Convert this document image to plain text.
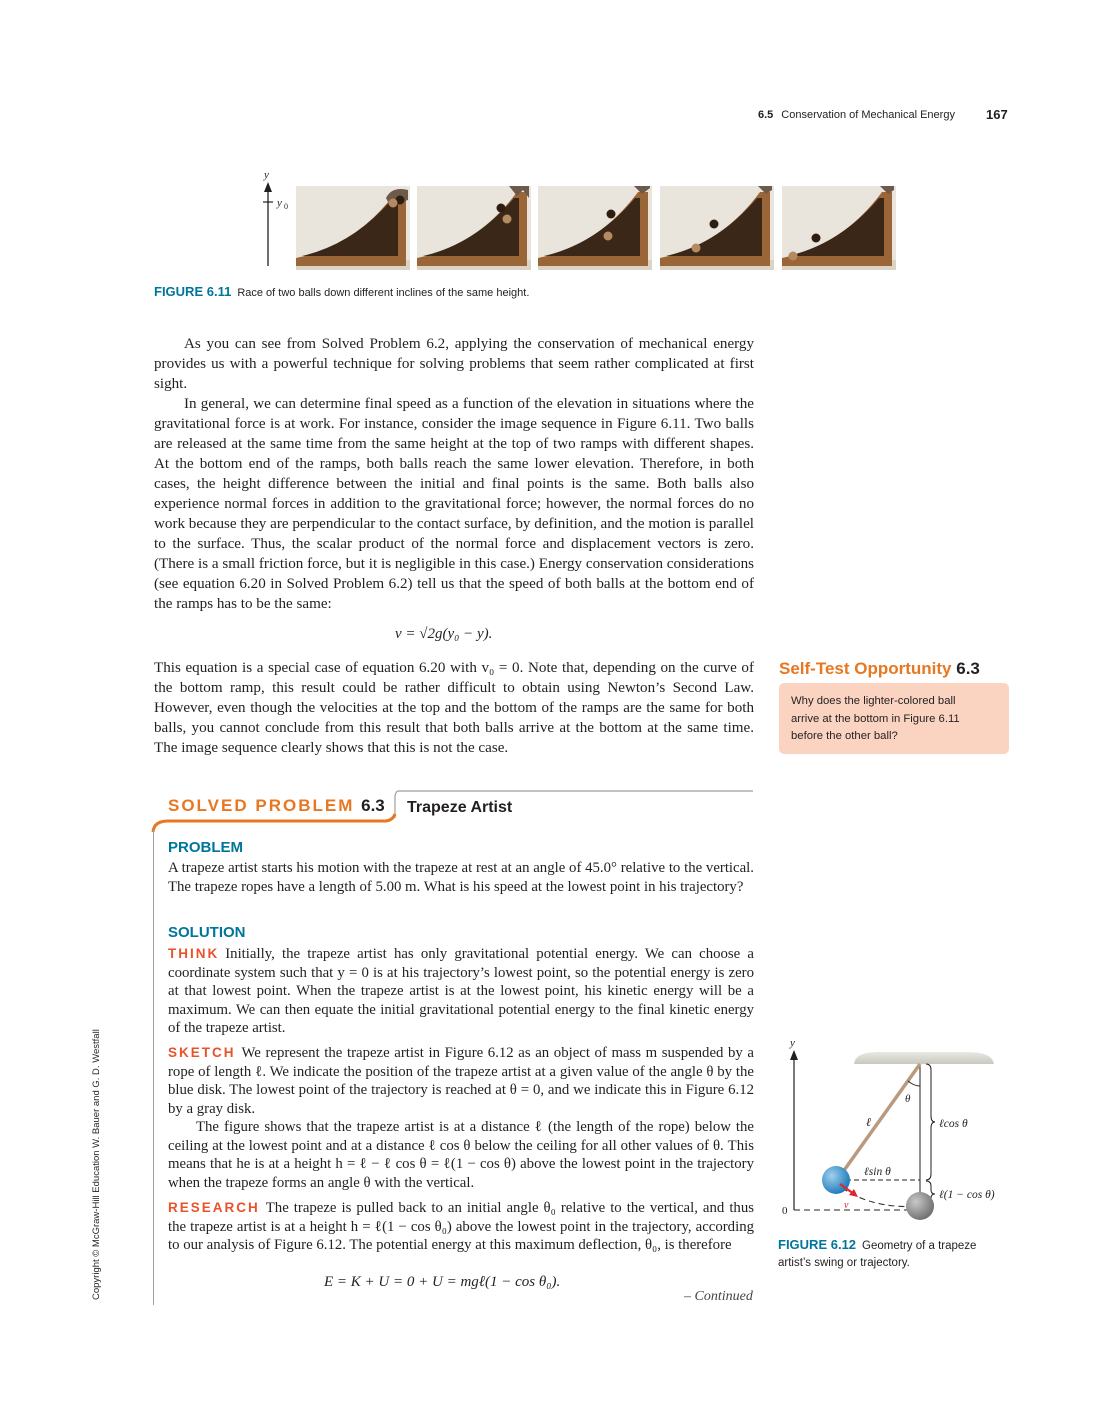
6.5 Conservation of Mechanical Energy 167
y
y 0
FIGURE 6.11 Race of two balls down different inclines of the same height.

As you can see from Solved Problem 6.2, applying the conservation of mechanical energy provides us with a powerful technique for solving problems that seem rather complicated at first sight.

In general, we can determine final speed as a function of the elevation in situations where the gravitational force is at work. For instance, consider the image sequence in Figure 6.11. Two balls are released at the same time from the same height at the top of two ramps with different shapes. At the bottom end of the ramps, both balls reach the same lower elevation. Therefore, in both cases, the height difference between the initial and final points is the same. Both balls also experience normal forces in addition to the gravitational force; however, the normal forces do no work because they are perpendicular to the contact surface, by definition, and the motion is parallel to the surface. Thus, the scalar product of the normal force and displacement vectors is zero. (There is a small friction force, but it is negligible in this case.) Energy conservation considerations (see equation 6.20 in Solved Problem 6.2) tell us that the speed of both balls at the bottom end of the ramps has to be the same:

v = √2g(y₀ − y).

This equation is a special case of equation 6.20 with v₀ = 0. Note that, depending on the curve of the bottom ramp, this result could be rather difficult to obtain using Newton’s Second Law. However, even though the velocities at the top and the bottom of the ramps are the same for both balls, you cannot conclude from this result that both balls arrive at the bottom at the same time. The image sequence clearly shows that this is not the case.

Self-Test Opportunity 6.3
Why does the lighter-colored ball arrive at the bottom in Figure 6.11 before the other ball?
SOLVED PROBLEM 6.3 Trapeze Artist
PROBLEM

A trapeze artist starts his motion with the trapeze at rest at an angle of 45.0° relative to the vertical. The trapeze ropes have a length of 5.00 m. What is his speed at the lowest point in his trajectory?

SOLUTION

THINK Initially, the trapeze artist has only gravitational potential energy. We can choose a coordinate system such that y = 0 is at his trajectory’s lowest point, so the potential energy is zero at that lowest point. When the trapeze artist is at the lowest point, his kinetic energy will be a maximum. We can then equate the initial gravitational potential energy to the final kinetic energy of the trapeze artist.

SKETCH We represent the trapeze artist in Figure 6.12 as an object of mass m suspended by a rope of length ℓ. We indicate the position of the trapeze artist at a given value of the angle θ by the blue disk. The lowest point of the trajectory is reached at θ = 0, and we indicate this in Figure 6.12 by a gray disk.

The figure shows that the trapeze artist is at a distance ℓ (the length of the rope) below the ceiling at the lowest point and at a distance ℓ cos θ below the ceiling for all other values of θ. This means that he is at a height h = ℓ − ℓ cos θ = ℓ(1 − cos θ) above the lowest point in the trajectory when the trapeze forms an angle θ with the vertical.

RESEARCH The trapeze is pulled back to an initial angle θ₀ relative to the vertical, and thus the trapeze artist is at a height h = ℓ(1 − cos θ₀) above the lowest point in the trajectory, according to our analysis of Figure 6.12. The potential energy at this maximum deflection, θ₀, is therefore

E = K + U = 0 + U = mgℓ(1 − cos θ₀).
– Continued
y
0
θ
ℓ	ℓcos θ
ℓ(1 − cos θ)
ℓsin θ
v⃗
FIGURE 6.12 Geometry of a trapeze artist’s swing or trajectory.
Copyright © McGraw-Hill Education W. Bauer and G. D. Westfall
